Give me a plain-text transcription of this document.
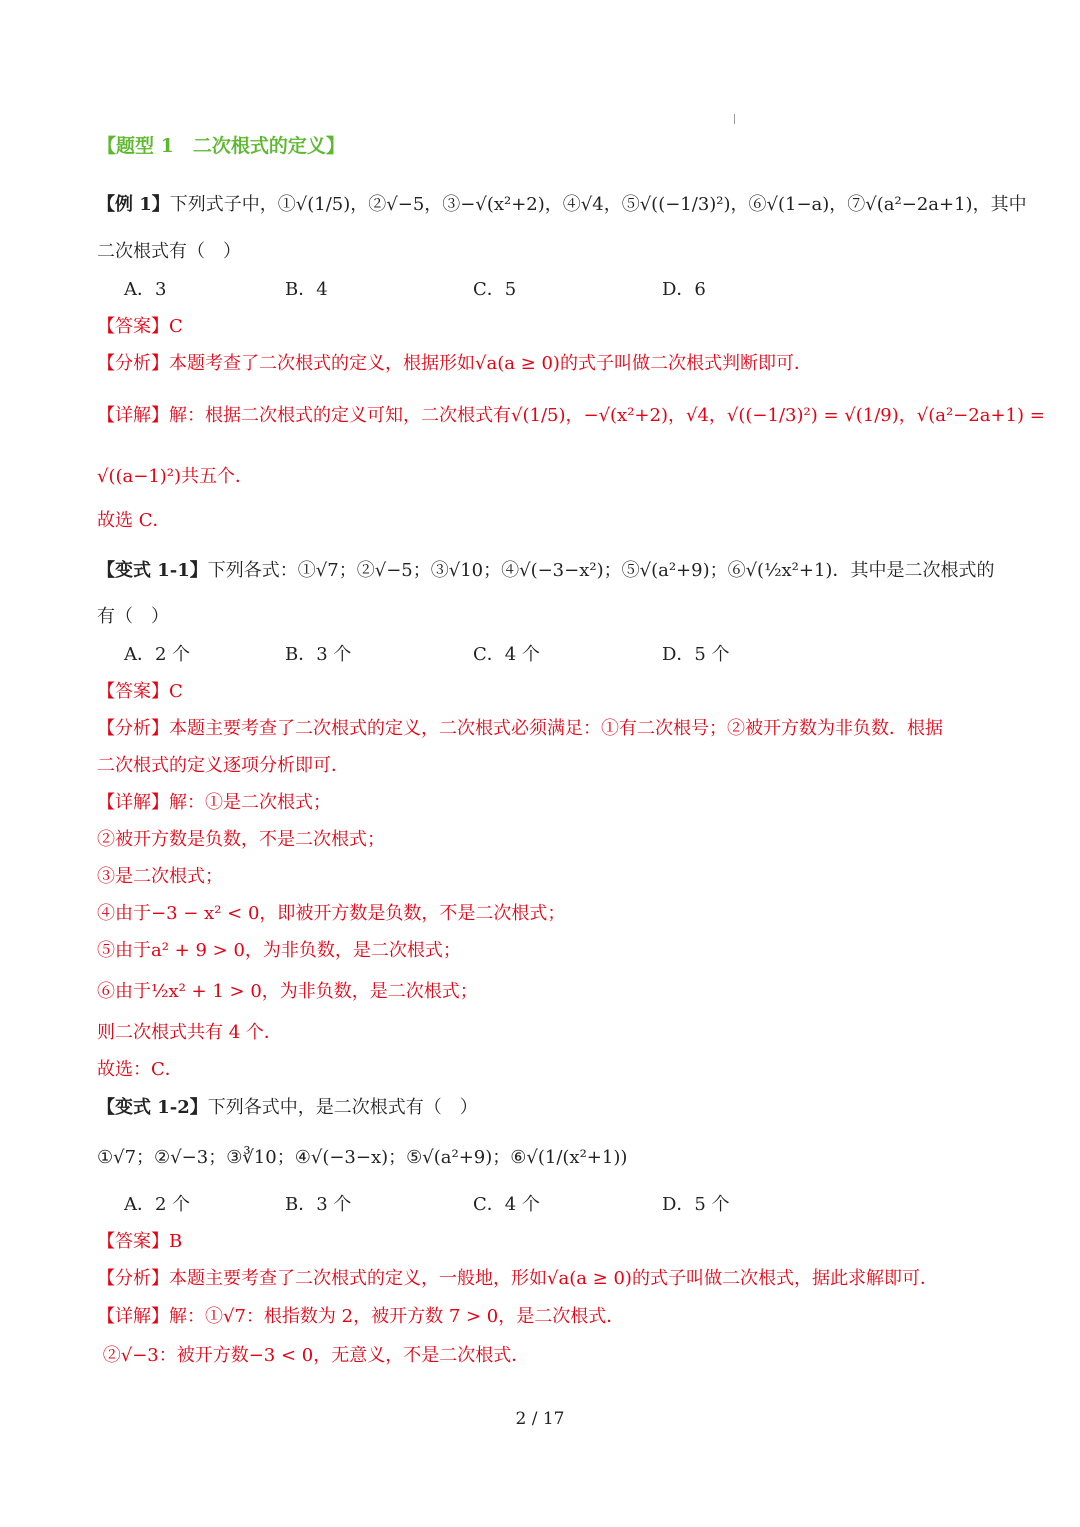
【题型 1　二次根式的定义】
【例 1】下列式子中，①√(1/5)，②√−5，③−√(x²+2)，④√4，⑤√((−1/3)²)，⑥√(1−a)，⑦√(a²−2a+1)，其中
二次根式有（　）
A．3	B．4	C．5	D．6
【答案】C
【分析】本题考查了二次根式的定义，根据形如√a(a ≥ 0)的式子叫做二次根式判断即可．
【详解】解：根据二次根式的定义可知，二次根式有√(1/5)，−√(x²+2)，√4，√((−1/3)²) = √(1/9)，√(a²−2a+1) =
√((a−1)²)共五个．
故选 C．
【变式 1-1】下列各式：①√7；②√−5；③√10；④√(−3−x²)；⑤√(a²+9)；⑥√(½x²+1)．其中是二次根式的
有（　）
A．2 个	B．3 个	C．4 个	D．5 个
【答案】C
【分析】本题主要考查了二次根式的定义，二次根式必须满足：①有二次根号；②被开方数为非负数．根据
二次根式的定义逐项分析即可．
【详解】解：①是二次根式；
②被开方数是负数，不是二次根式；
③是二次根式；
④由于−3 − x² < 0，即被开方数是负数，不是二次根式；
⑤由于a² + 9 > 0，为非负数，是二次根式；
⑥由于½x² + 1 > 0，为非负数，是二次根式；
则二次根式共有 4 个．
故选：C．
【变式 1-2】下列各式中，是二次根式有（　）
①√7；②√−3；③∛10；④√(−3−x)；⑤√(a²+9)；⑥√(1/(x²+1))
A．2 个	B．3 个	C．4 个	D．5 个
【答案】B
【分析】本题主要考查了二次根式的定义，一般地，形如√a(a ≥ 0)的式子叫做二次根式，据此求解即可．
【详解】解：①√7：根指数为 2，被开方数 7 > 0，是二次根式．
②√−3：被开方数−3 < 0，无意义，不是二次根式．
2 / 17
